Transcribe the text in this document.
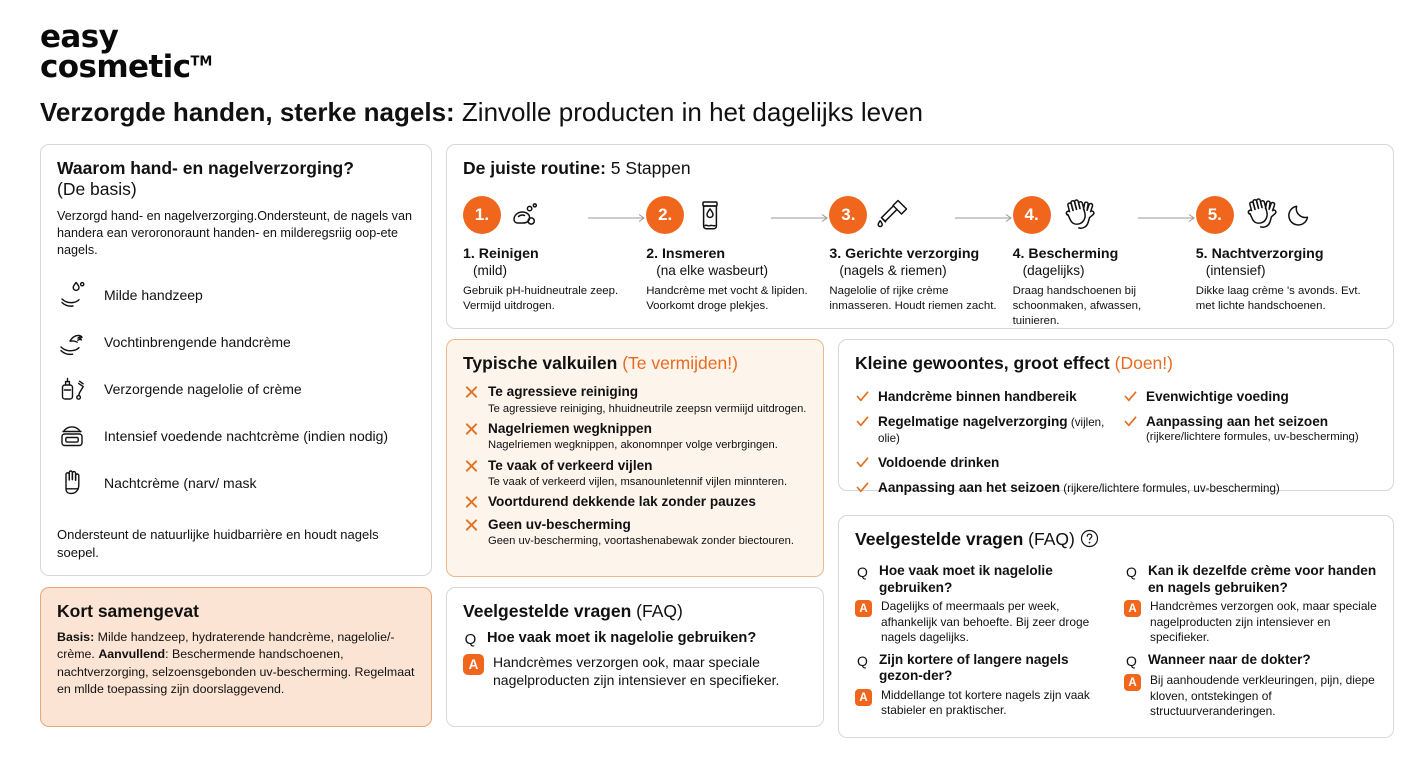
easy
cosmetic™
Verzorgde handen, sterke nagels: Zinvolle producten in het dagelijks leven
Waarom hand- en nagelverzorging?
(De basis)
Verzorgd hand- en nagelverzorging.Ondersteunt, de nagels van handera ean veroronoraunt handen- en milderegsriig oop‑ete nagels.
Milde handzeep
Vochtinbrengende handcrème
Verzorgende nagelolie of crème
Intensief voedende nachtcrème (indien nodig)
Nachtcrème (narv/ mask
Ondersteunt de natuurlijke huidbarrière en houdt nagels soepel.
Kort samengevat
Basis: Milde handzeep, hydraterende handcrème, nagelolie/-crème. Aanvullend: Beschermende handschoenen, nachtverzorging, selzoensgebonden uv-bescherming. Regelmaat en mllde toepassing zijn doorslaggevend.
De juiste routine: 5 Stappen
1.
1. Reinigen
(mild)
Gebruik pH-huidneutrale zeep. Vermijd uitdrogen.
2.
2. Insmeren
(na elke wasbeurt)
Handcrème met vocht & lipiden. Voorkomt droge plekjes.
3.
3. Gerichte verzorging
(nagels & riemen)
Nagelolie of rijke crème inmasseren. Houdt riemen zacht.
4.
4. Bescherming
(dagelijks)
Draag handschoenen bij schoonmaken, afwassen, tuinieren.
5.
5. Nachtverzorging
(intensief)
Dikke laag crème 's avonds. Evt. met lichte handschoenen.
Typische valkuilen (Te vermijden!)
Te agressieve reiniging
Te agressieve reiniging, hhuidneutrile zeepsn vermiijd uitdrogen.
Nagelriemen wegknippen
Nagelriemen wegknippen, akonomnper volge verbrgingen.
Te vaak of verkeerd vijlen
Te vaak of verkeerd vijlen, msanounletennif vijlen minnteren.
Voortdurend dekkende lak zonder pauzes
Geen uv-bescherming
Geen uv-bescherming, voortashenabewak zonder biectouren.
Kleine gewoontes, groot effect (Doen!)
Handcrème binnen handbereik
Regelmatige nagelverzorging (vijlen, olie)
Voldoende drinken
Evenwichtige voeding
Aanpassing aan het seizoen
(rijkere/lichtere formules, uv-bescherming)
Aanpassing aan het seizoen (rijkere/lichtere formules, uv-bescherming)
Veelgestelde vragen (FAQ)
Q Hoe vaak moet ik nagelolie gebruiken?
A	Handcrèmes verzorgen ook, maar speciale nagelproducten zijn intensiever en specifieker.
Veelgestelde vragen (FAQ)
Q Hoe vaak moet ik nagelolie gebruiken?
A	Dagelijks of meermaals per week, afhankelijk van behoefte. Bij zeer droge nagels dagelijks.
Q Kan ik dezelfde crème voor handen en nagels gebruiken?
A	Handcrèmes verzorgen ook, maar speciale nagelproducten zijn intensiever en specifieker.
Q Zijn kortere of langere nagels gezon-der?
A	Middellange tot kortere nagels zijn vaak stabieler en praktischer.
Q Wanneer naar de dokter?
A	Bij aanhoudende verkleuringen, pijn, diepe kloven, ontstekingen of structuurveranderingen.
